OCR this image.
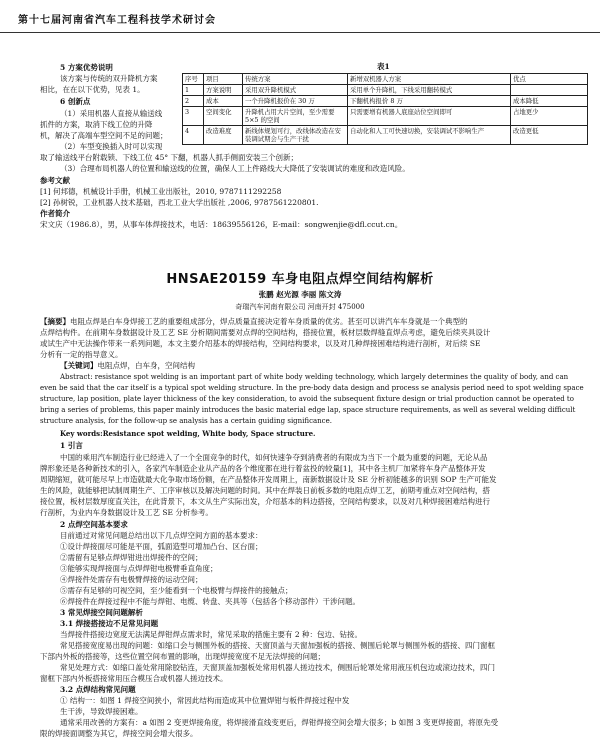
第十七届河南省汽车工程科技学术研讨会
5 方案优势说明
该方案与传统的双升降机方案
相比，在在以下优势，见表 1。
6 创新点
（1）采用机器人直接从输送线
抓件的方案，取消下线工位的升降
机，解决了高端车型空间不足的问题；
（2）车型变换插入时可以实现
取了输送线平台附载锁、下线工位 45° 下翻，机器人抓手侧面安装三个创新；
（3）合理布局机器人的位置和输送线的位置，确保人工上件路线大大降低了安装调试的难度和改造风险。
表1
序号	项目	传统方案	新增双机器人方案	优点
1	方案说明	采用双升降机模式	采用单个升降机，下线采用翻转模式	
2	成本	一个升降机报价在 30 万	下翻机构报价 8 万	成本降低
3	空间变化	升降机占用大片空间，至少需要 5×5 的空间	只需要增有机器人底座站位空间即可	占地更少
4	改造难度	新线体规划可行，改线体改造在安装调试期会与生产干扰	自动化和人工可快速切换，安装调试不影响生产	改造更低
参考文献
[1] 何邦德，机械设计手册，机械工业出版社，2010, 9787111292258
[2] 孙树锐，工业机器人技术基础，西北工业大学出版社 ,2006, 9787561220801.
作者简介
宋文庆（1986.8），男，从事车体焊接技术，电话：18639556126，E-mail：songwenjie@dfl.ccut.cn。
HNSAE20159 车身电阻点焊空间结构解析
张鹏 赵光源 李丽 陈文涛
奇瑞汽车河南有限公司 河南开封 475000
【摘要】电阻点焊是白车身焊接工艺的重要组成部分，焊点质量直接决定着车身质量的优劣。甚至可以讲汽车车身就是一个典型的
点焊结构件。在前期车身数据设计及工艺 SE 分析期间需要对点焊的空间结构，搭接位置，板材层数焊缝直焊点考虑，避免后续夹具设计
或试生产中无法操作带来一系列问题，本文主要介绍基本的焊接结构，空间结构要求，以及对几种焊接困难结构进行剖析，对后续 SE
分析有一定的指导意义。
【关键词】电阻点焊，白车身，空间结构
Abstract: resistance spot welding is an important part of white body welding technology, which largely determines the quality of body, and can
even be said that the car itself is a typical spot welding structure. In the pre-body data design and process se analysis period need to spot welding space
structure, lap position, plate layer thickness of the key consideration, to avoid the subsequent fixture design or trial production cannot be operated to
bring a series of problems, this paper mainly introduces the basic material edge lap, space structure requirements, as well as several welding difficult
structure analysis, for the follow-up se analysis has a certain guiding significance.
Key words:Resistance spot welding, White body, Space structure.
1 引言
中国的乘用汽车制造行业已经进入了一个全面竞争的时代，如何快速争夺到消费者的有限成为当下一个最为重要的问题，无论从品
牌形象还是各种新技术的引入，各家汽车制造企业从产品的各个维度都在进行着盆投的较量[1]，其中各主机厂加紧将车身产品整体开发
周期缩短，就可能尽早上市造就最大化争取市场份额，在产品整体开发周期上，南新数据设计及 SE 分析初能越多的识别 SOP 生产可能发
生的风险，就能够把试制周期生产、工序审核以及解决问题的时间。其中在焊装日前板多数的电阻点焊工艺，前期考重点对空间结构，搭
接位置，板材层数厚度直关注，在此背景下，本文从生产实际出发，介绍基本的料边搭接，空间结构要求，以及对几种焊接困难结构进行
行剖析，为业内车身数据设计及工艺 SE 分析参考。
2 点焊空间基本要求
目前通过对常见问题总结出以下几点焊空间方面的基本要求：
①设计焊接面尽可能是平面，弧面造型可增加凸台、区台面；
②需留有足够点焊焊钳进出焊接件的空间；
③能够实现焊接面与点焊焊钳电极臂垂直角度；
④焊接件处需存有电极臂焊接的运动空间；
⑤需存有足够的可视空间，至少能看到一个电极臂与焊接件的接触点；
⑥焊接件在焊接过程中不能与焊钳、电缆、转盘、夹具等（包括各个移动部件）干涉问题。
3 常见焊接空间问题解析
3.1 焊接搭接边不足常见问题
当焊接件搭接边宽度无法满足焊钳焊点需求时，常见采取的措施主要有 2 种：包边、钻接。
常见搭接宽度易出现的问题：如缩口会与侧围外板的搭接、天窗顶盖与天窗加强板的搭接、侧围后轮罩与侧围外板的搭接、四门窗框
下部内外板的搭接等，这些位置空间布置的影响，出现焊接宽度不足无法焊接的问题；
常见处理方式：如缩口盖处常用除胶钻连，天窗顶盖加强板处常用机器人搓边技术，侧围后轮罩处常用液压机包边或滚边技术，四门
窗框下部内外板搭接常用压合模压合或机器人搓边技术。
3.2 点焊结构常见问题
① 结构一：如图 1 焊接空间狭小，常因此结构而造成其中位置焊钳与板件焊接过程中发
生干涉，导致焊接困难。
通常采用改善的方案有：a 如图 2 变更焊接角度，将焊接滑直线变更后，焊钳焊接空间会增大很多；b 如图 3 变更焊接面，将原先受
限的焊接面调整为其它，焊接空间会增大很多。
